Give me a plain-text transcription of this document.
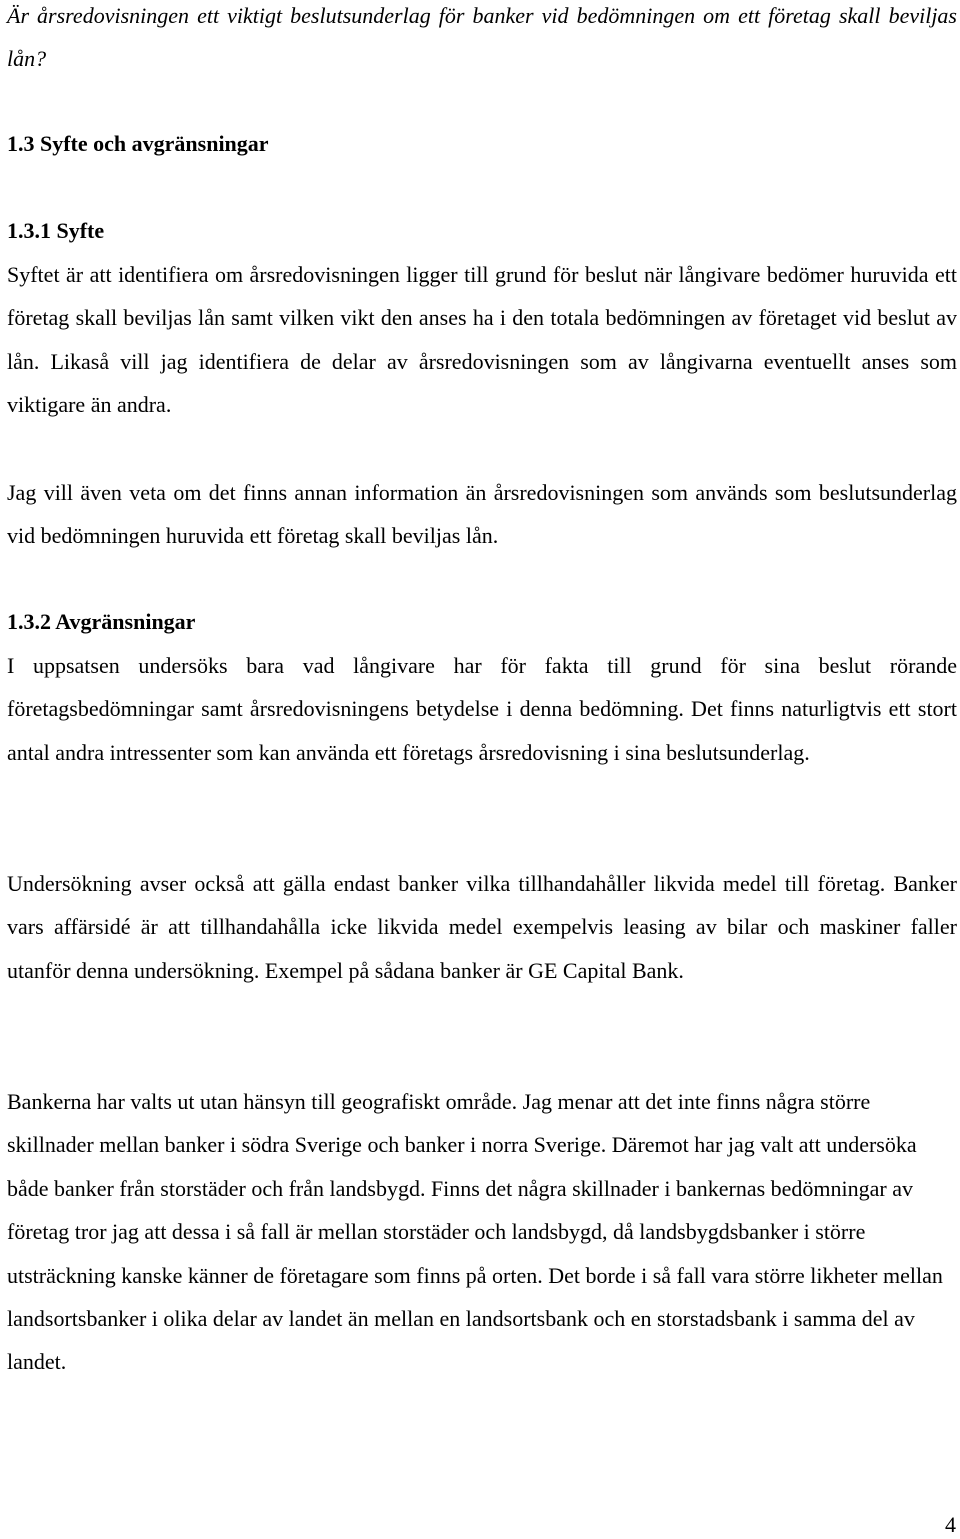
Är årsredovisningen ett viktigt beslutsunderlag för banker vid bedömningen om ett företag skall beviljas lån?

1.3 Syfte och avgränsningar
1.3.1 Syfte

Syftet är att identifiera om årsredovisningen ligger till grund för beslut när långivare bedömer huruvida ett företag skall beviljas lån samt vilken vikt den anses ha i den totala bedömningen av företaget vid beslut av lån. Likaså vill jag identifiera de delar av årsredovisningen som av långivarna eventuellt anses som viktigare än andra.

Jag vill även veta om det finns annan information än årsredovisningen som används som beslutsunderlag vid bedömningen huruvida ett företag skall beviljas lån.

1.3.2 Avgränsningar

I uppsatsen undersöks bara vad långivare har för fakta till grund för sina beslut rörande företagsbedömningar samt årsredovisningens betydelse i denna bedömning. Det finns naturligtvis ett stort antal andra intressenter som kan använda ett företags årsredovisning i sina beslutsunderlag.

Undersökning avser också att gälla endast banker vilka tillhandahåller likvida medel till företag. Banker vars affärsidé är att tillhandahålla icke likvida medel exempelvis leasing av bilar och maskiner faller utanför denna undersökning. Exempel på sådana banker är GE Capital Bank.

Bankerna har valts ut utan hänsyn till geografiskt område. Jag menar att det inte finns några större skillnader mellan banker i södra Sverige och banker i norra Sverige. Däremot har jag valt att undersöka både banker från storstäder och från landsbygd. Finns det några skillnader i bankernas bedömningar av företag tror jag att dessa i så fall är mellan storstäder och landsbygd, då landsbygdsbanker i större utsträckning kanske känner de företagare som finns på orten. Det borde i så fall vara större likheter mellan landsortsbanker i olika delar av landet än mellan en landsortsbank och en storstadsbank i samma del av landet.

4
